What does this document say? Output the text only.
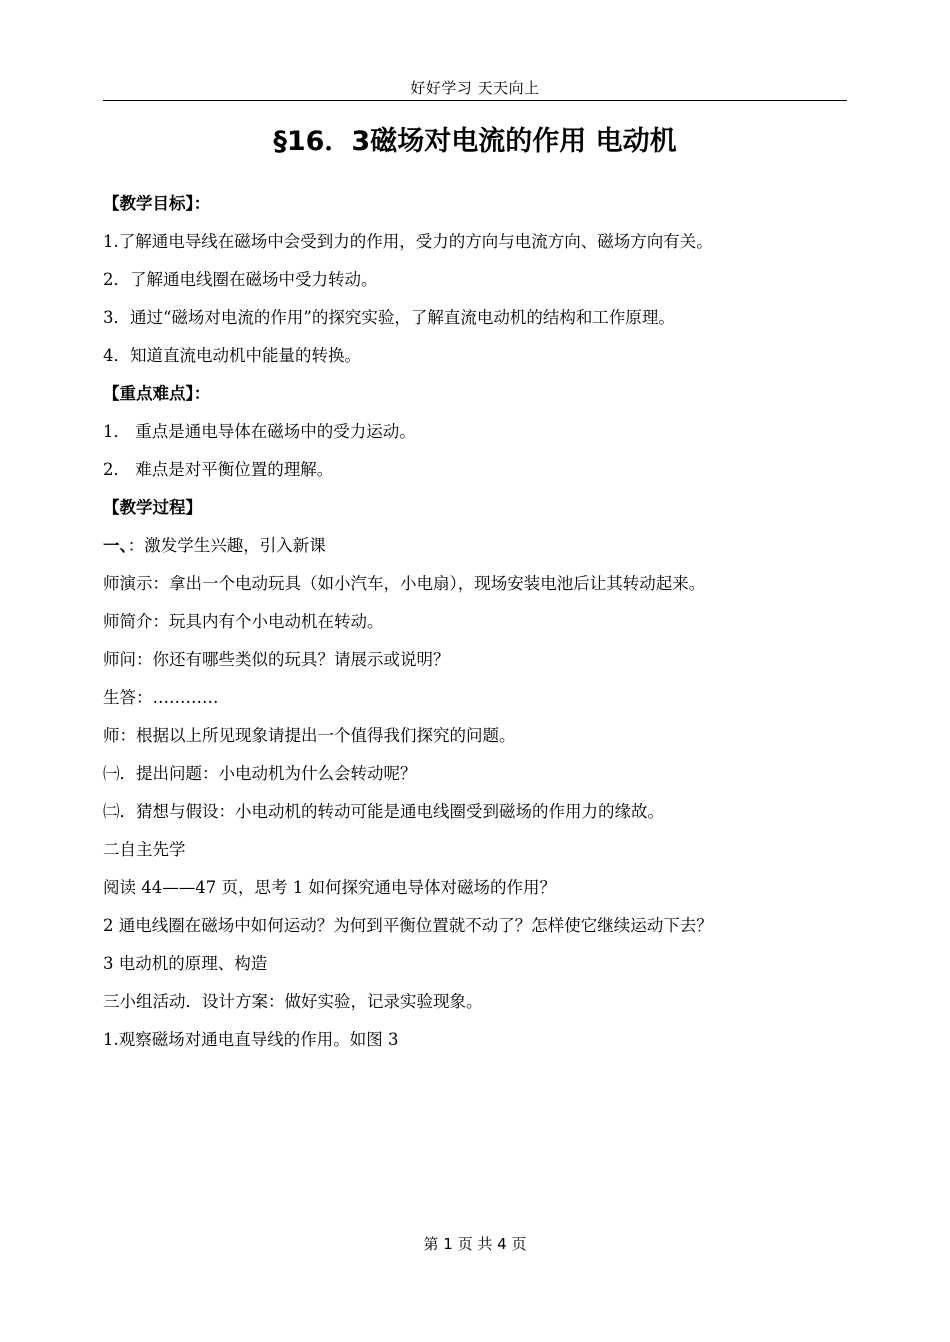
好好学习 天天向上
§16．3磁场对电流的作用 电动机
【教学目标】：
1.了解通电导线在磁场中会受到力的作用，受力的方向与电流方向、磁场方向有关。
2．了解通电线圈在磁场中受力转动。
3．通过“磁场对电流的作用”的探究实验，了解直流电动机的结构和工作原理。
4．知道直流电动机中能量的转换。
【重点难点】：
1． 重点是通电导体在磁场中的受力运动。
2． 难点是对平衡位置的理解。
【教学过程】
一、：激发学生兴趣，引入新课
师演示：拿出一个电动玩具（如小汽车，小电扇），现场安装电池后让其转动起来。
师简介：玩具内有个小电动机在转动。
师问：你还有哪些类似的玩具？请展示或说明？
生答：…………
师：根据以上所见现象请提出一个值得我们探究的问题。
㈠．提出问题：小电动机为什么会转动呢？
㈡．猜想与假设：小电动机的转动可能是通电线圈受到磁场的作用力的缘故。
二自主先学
阅读 44——47 页，思考 1 如何探究通电导体对磁场的作用？
2 通电线圈在磁场中如何运动？为何到平衡位置就不动了？怎样使它继续运动下去？
3 电动机的原理、构造
三小组活动．设计方案：做好实验，记录实验现象。
1.观察磁场对通电直导线的作用。如图 3
第 1 页 共 4 页
